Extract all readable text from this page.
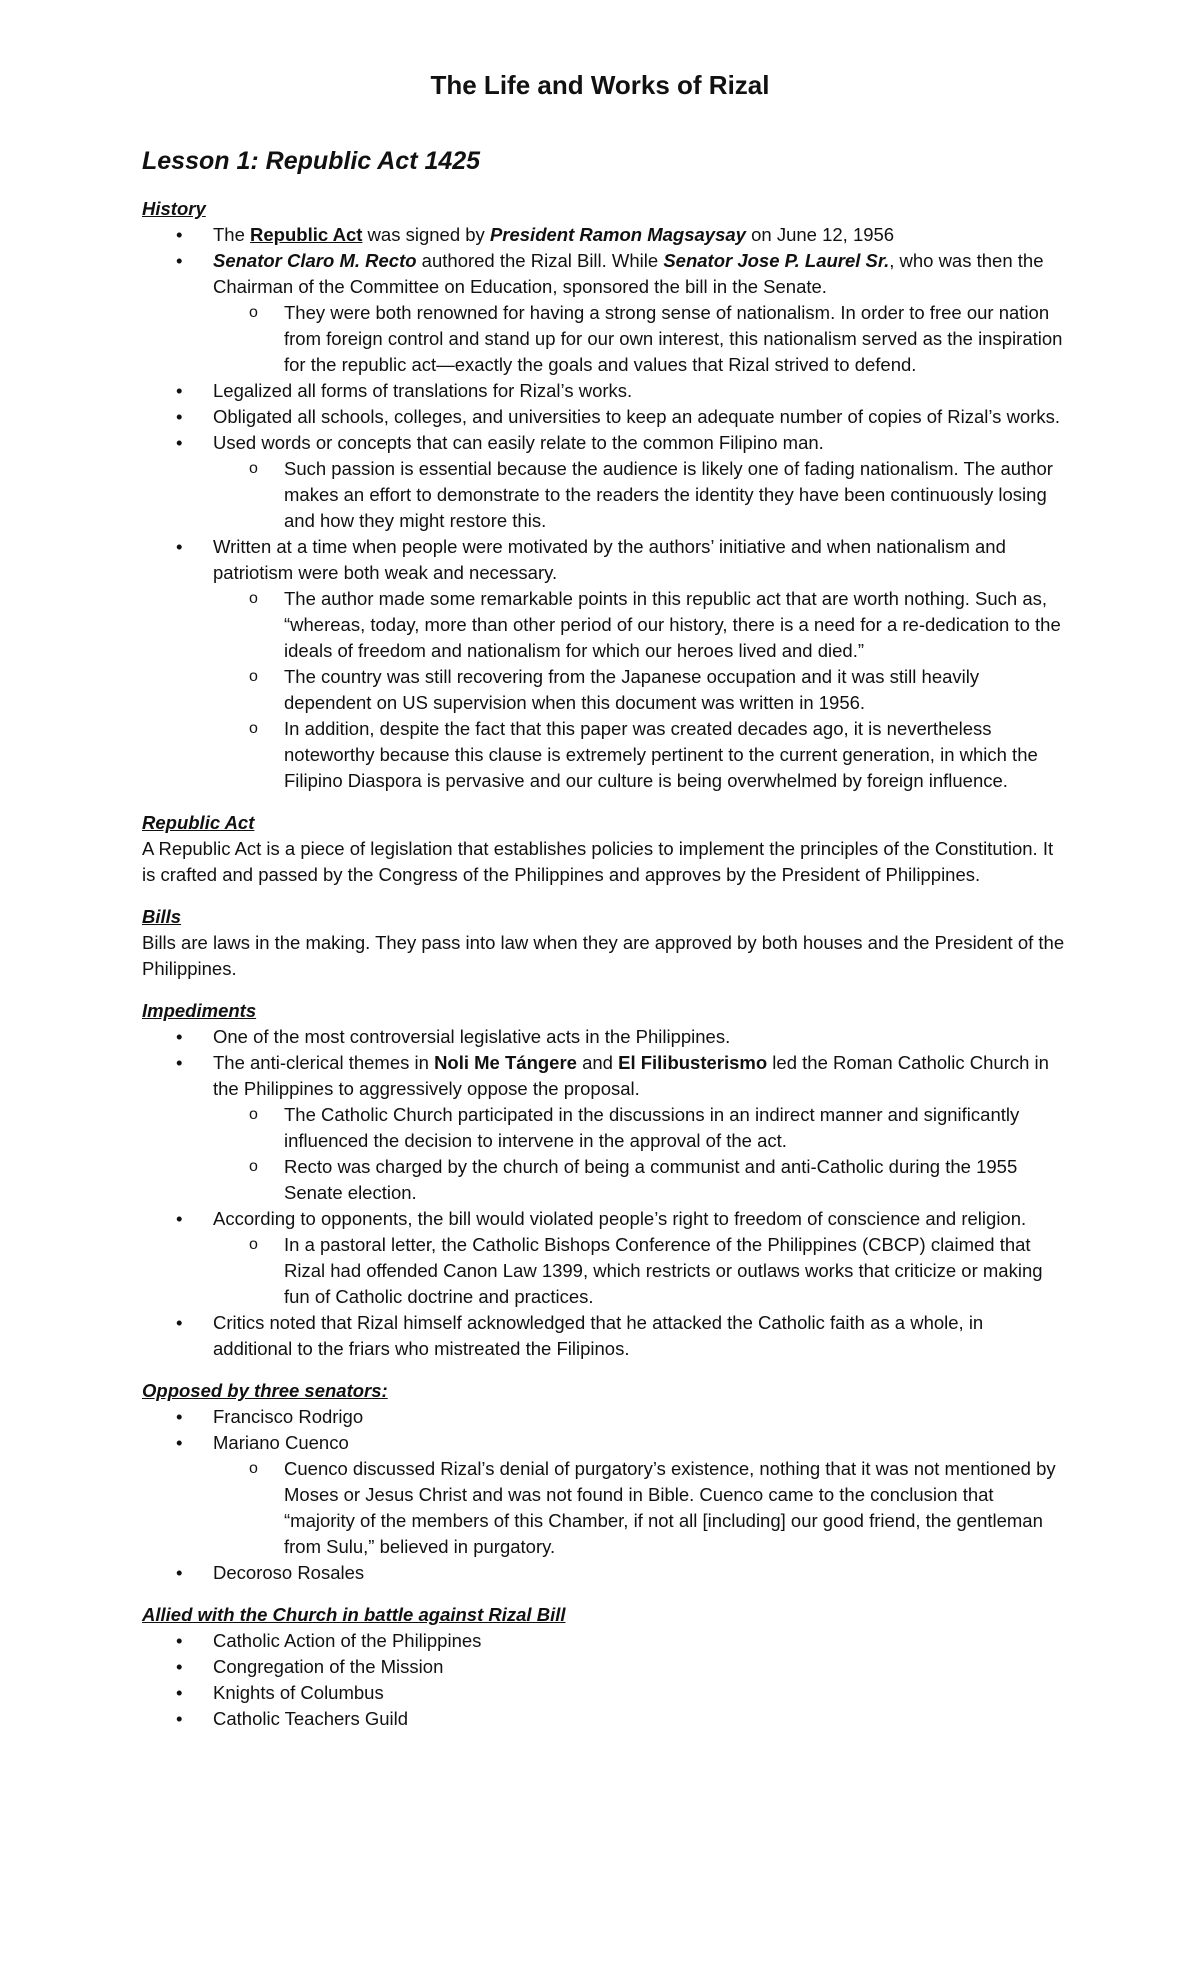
The Life and Works of Rizal
Lesson 1: Republic Act 1425

History

• The Republic Act was signed by President Ramon Magsaysay on June 12, 1956
• Senator Claro M. Recto authored the Rizal Bill. While Senator Jose P. Laurel Sr., who was then the Chairman of the Committee on Education, sponsored the bill in the Senate.
o They were both renowned for having a strong sense of nationalism. In order to free our nation from foreign control and stand up for our own interest, this nationalism served as the inspiration for the republic act—exactly the goals and values that Rizal strived to defend.
• Legalized all forms of translations for Rizal’s works.
• Obligated all schools, colleges, and universities to keep an adequate number of copies of Rizal’s works.
• Used words or concepts that can easily relate to the common Filipino man.
o Such passion is essential because the audience is likely one of fading nationalism. The author makes an effort to demonstrate to the readers the identity they have been continuously losing and how they might restore this.
• Written at a time when people were motivated by the authors’ initiative and when nationalism and patriotism were both weak and necessary.
o The author made some remarkable points in this republic act that are worth nothing. Such as, “whereas, today, more than other period of our history, there is a need for a re-dedication to the ideals of freedom and nationalism for which our heroes lived and died.”
o The country was still recovering from the Japanese occupation and it was still heavily dependent on US supervision when this document was written in 1956.
o In addition, despite the fact that this paper was created decades ago, it is nevertheless noteworthy because this clause is extremely pertinent to the current generation, in which the Filipino Diaspora is pervasive and our culture is being overwhelmed by foreign influence.

Republic Act

A Republic Act is a piece of legislation that establishes policies to implement the principles of the Constitution. It is crafted and passed by the Congress of the Philippines and approves by the President of Philippines.

Bills

Bills are laws in the making. They pass into law when they are approved by both houses and the President of the Philippines.

Impediments

• One of the most controversial legislative acts in the Philippines.
• The anti-clerical themes in Noli Me Tángere and El Filibusterismo led the Roman Catholic Church in the Philippines to aggressively oppose the proposal.
o The Catholic Church participated in the discussions in an indirect manner and significantly influenced the decision to intervene in the approval of the act.
o Recto was charged by the church of being a communist and anti-Catholic during the 1955 Senate election.
• According to opponents, the bill would violated people’s right to freedom of conscience and religion.
o In a pastoral letter, the Catholic Bishops Conference of the Philippines (CBCP) claimed that Rizal had offended Canon Law 1399, which restricts or outlaws works that criticize or making fun of Catholic doctrine and practices.
• Critics noted that Rizal himself acknowledged that he attacked the Catholic faith as a whole, in additional to the friars who mistreated the Filipinos.

Opposed by three senators:

• Francisco Rodrigo
• Mariano Cuenco
o Cuenco discussed Rizal’s denial of purgatory’s existence, nothing that it was not mentioned by Moses or Jesus Christ and was not found in Bible. Cuenco came to the conclusion that “majority of the members of this Chamber, if not all [including] our good friend, the gentleman from Sulu,” believed in purgatory.
• Decoroso Rosales

Allied with the Church in battle against Rizal Bill

• Catholic Action of the Philippines
• Congregation of the Mission
• Knights of Columbus
• Catholic Teachers Guild
